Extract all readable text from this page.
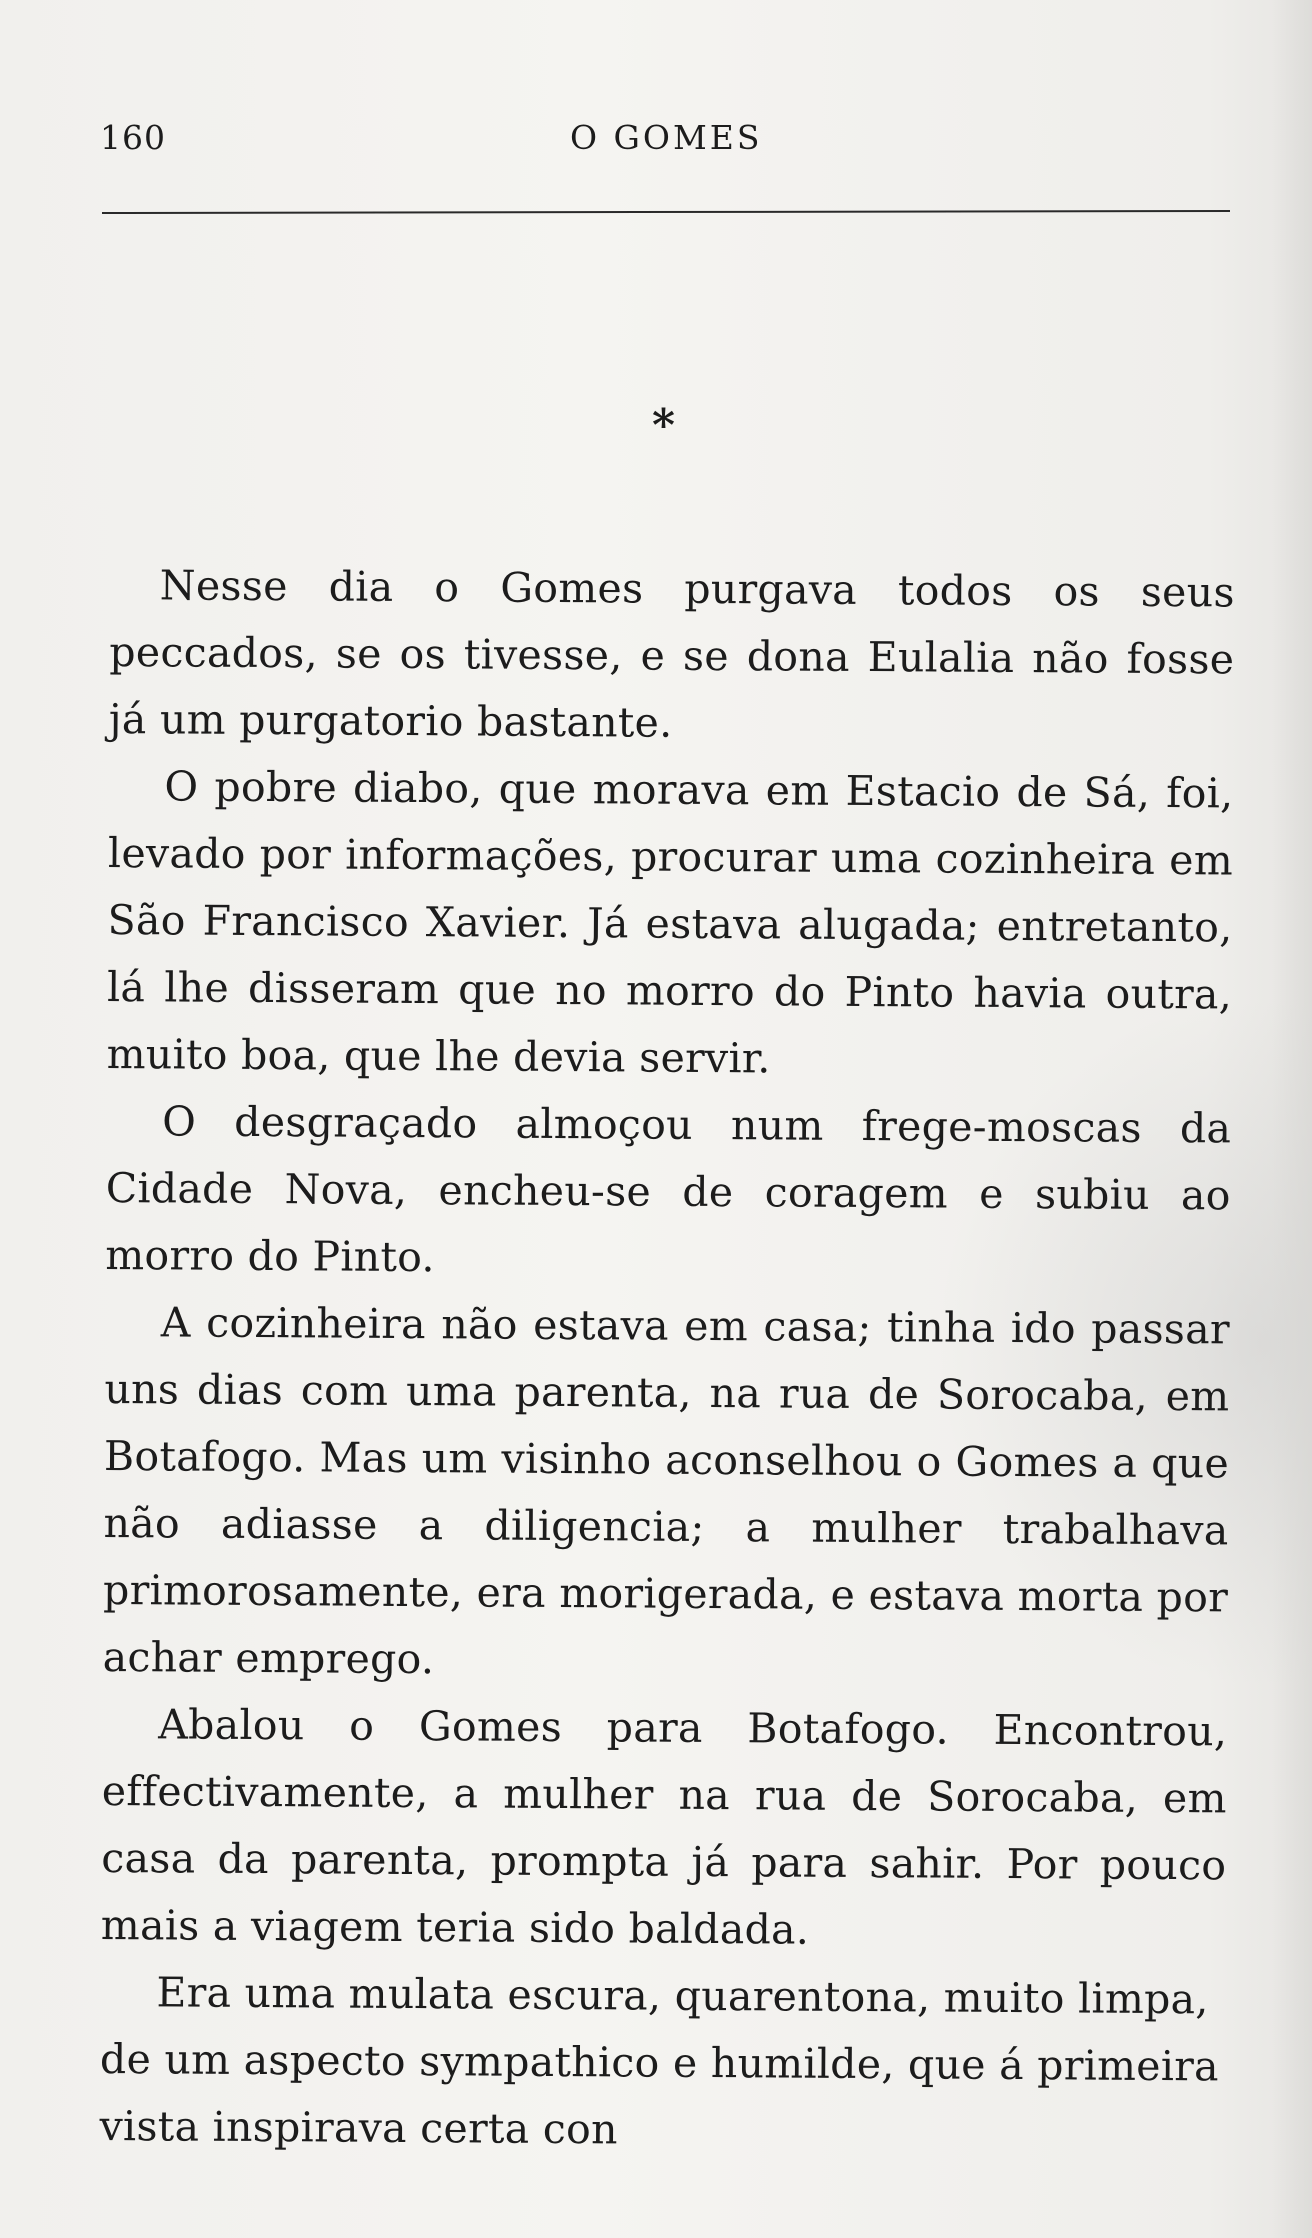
160	O GOMES
*

Nesse dia o Gomes purgava todos os seus peccados, se os tivesse, e se dona Eulalia não fosse já um purgatorio bastante.

O pobre diabo, que morava em Estacio de Sá, foi, levado por informações, procurar uma cozinheira em São Francisco Xavier. Já estava alugada; entretanto, lá lhe disseram que no morro do Pinto havia outra, muito boa, que lhe devia servir.

O desgraçado almoçou num frege-moscas da Cidade Nova, encheu-se de coragem e subiu ao morro do Pinto.

A cozinheira não estava em casa; tinha ido passar uns dias com uma parenta, na rua de Sorocaba, em Botafogo. Mas um visinho aconselhou o Gomes a que não adiasse a diligencia; a mulher trabalhava primorosamente, era morigerada, e estava morta por achar emprego.

Abalou o Gomes para Botafogo. Encontrou, effectivamente, a mulher na rua de Sorocaba, em casa da parenta, prompta já para sahir. Por pouco mais a viagem teria sido baldada.

Era uma mulata escura, quarentona, muito limpa, de um aspecto sympathico e humilde, que á primeira vista inspirava certa con
